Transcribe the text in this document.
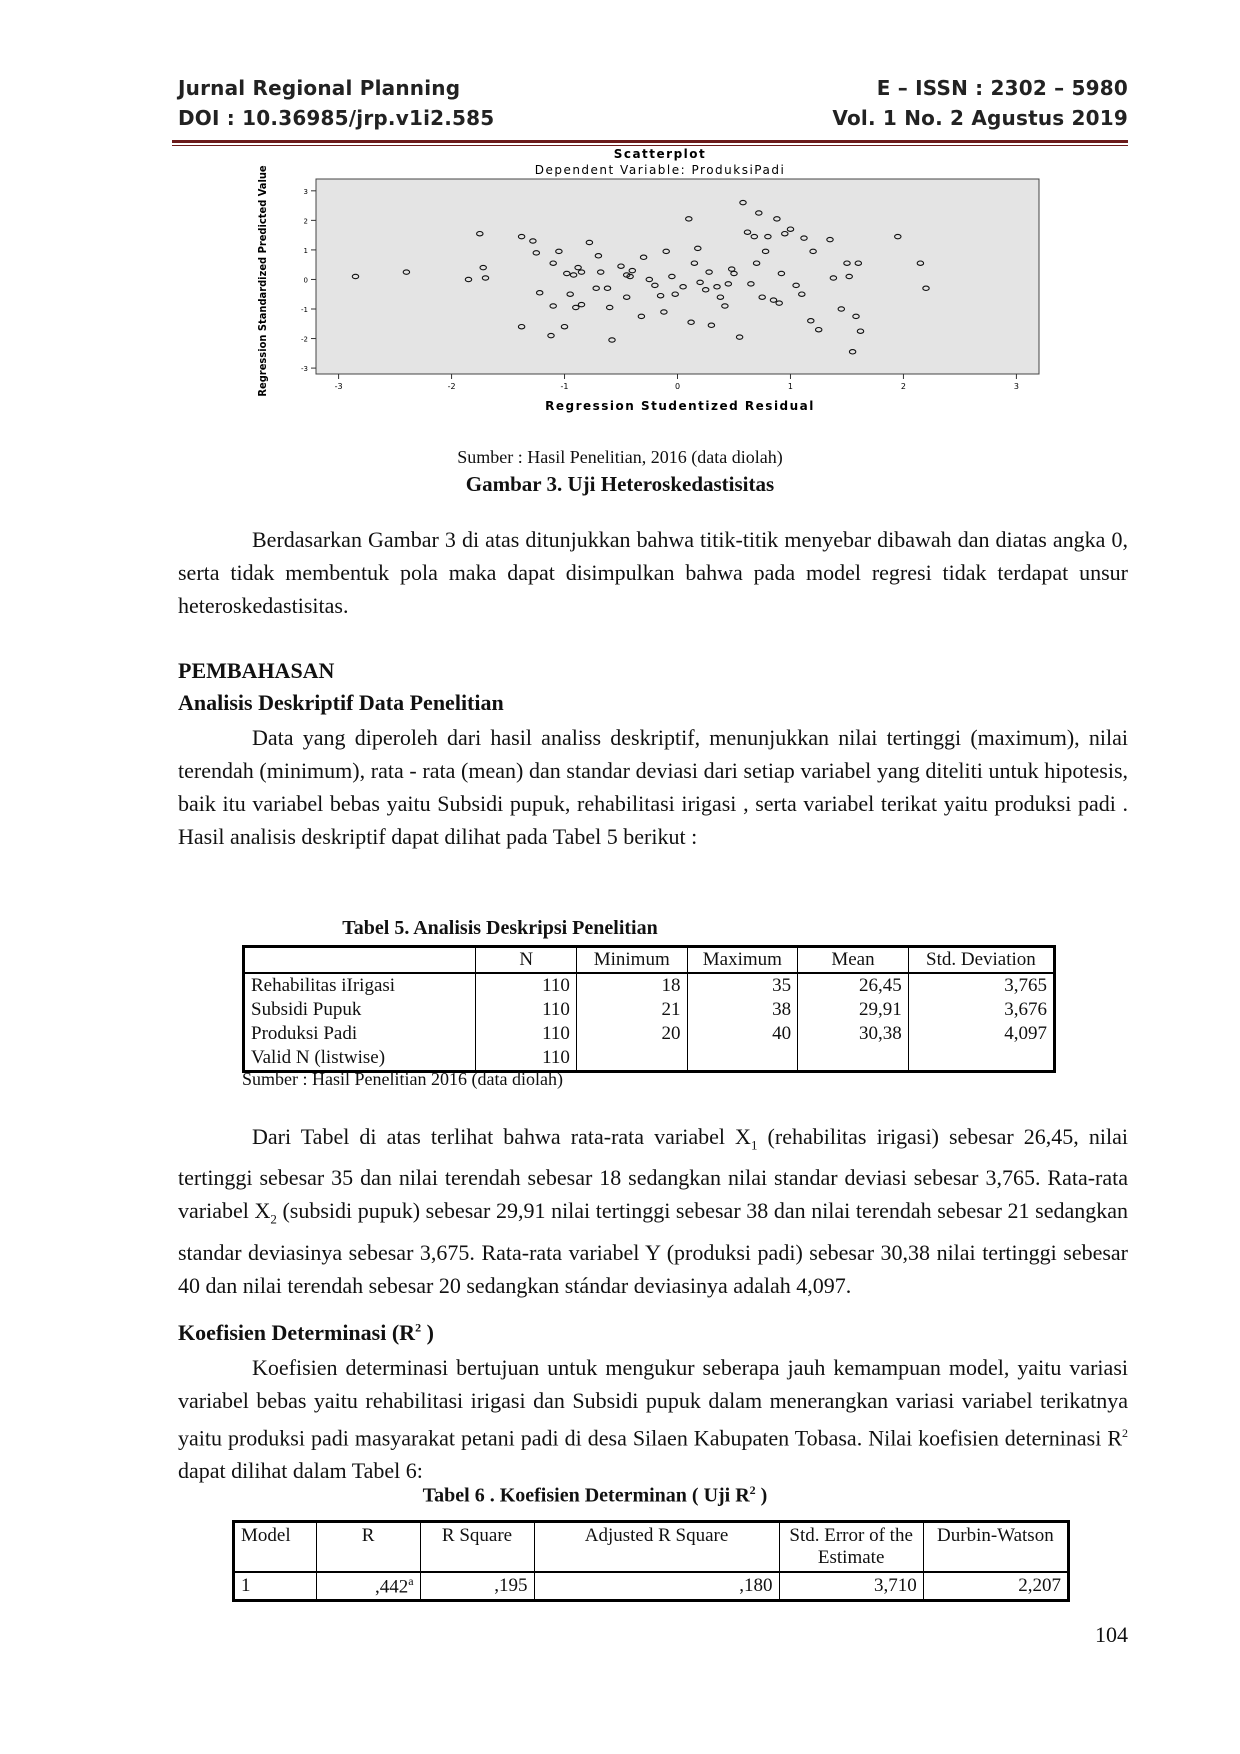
Jurnal Regional Planning
DOI : 10.36985/jrp.v1i2.585
E – ISSN : 2302 – 5980
Vol. 1 No. 2 Agustus 2019
Scatterplot
Dependent Variable: ProduksiPadi
Regression Standardized Predicted Value
Regression Studentized Residual
3
2
1
0
-1
-2
-3
-3	-2	-1	0	1	2	3
Sumber : Hasil Penelitian, 2016 (data diolah)
Gambar 3. Uji Heteroskedastisitas
Berdasarkan Gambar 3 di atas ditunjukkan bahwa titik-titik menyebar dibawah dan diatas angka 0, serta tidak membentuk pola maka dapat disimpulkan bahwa pada model regresi tidak terdapat unsur heteroskedastisitas.
PEMBAHASAN
Analisis Deskriptif Data Penelitian
Data yang diperoleh dari hasil analiss deskriptif, menunjukkan nilai tertinggi (maximum), nilai terendah (minimum), rata - rata (mean) dan standar deviasi dari setiap variabel yang diteliti untuk hipotesis, baik itu variabel bebas yaitu Subsidi pupuk, rehabilitasi irigasi , serta variabel terikat yaitu produksi padi . Hasil analisis deskriptif dapat dilihat pada Tabel 5 berikut :
Tabel 5. Analisis Deskripsi Penelitian
	N	Minimum	Maximum	Mean	Std. Deviation
Rehabilitas iIrigasi	110	18	35	26,45	3,765
Subsidi Pupuk	110	21	38	29,91	3,676
Produksi Padi	110	20	40	30,38	4,097
Valid N (listwise)	110				
Sumber : Hasil Penelitian 2016 (data diolah)
Dari Tabel di atas terlihat bahwa rata-rata variabel $X_1$ (rehabilitas irigasi) sebesar 26,45, nilai tertinggi sebesar 35 dan nilai terendah sebesar 18 sedangkan nilai standar deviasi sebesar 3,765. Rata-rata variabel $X_2$ (subsidi pupuk) sebesar 29,91 nilai tertinggi sebesar 38 dan nilai terendah sebesar 21 sedangkan standar deviasinya sebesar 3,675. Rata-rata variabel Y (produksi padi) sebesar 30,38 nilai tertinggi sebesar 40 dan nilai terendah sebesar 20 sedangkan stándar deviasinya adalah 4,097.
Koefisien Determinasi ($R^2$ )
Koefisien determinasi bertujuan untuk mengukur seberapa jauh kemampuan model, yaitu variasi variabel bebas yaitu rehabilitasi irigasi dan Subsidi pupuk dalam menerangkan variasi variabel terikatnya yaitu produksi padi masyarakat petani padi di desa Silaen Kabupaten Tobasa. Nilai koefisien deterninasi $R^2$ dapat dilihat dalam Tabel 6:
Tabel 6 . Koefisien Determinan ( Uji $R^2$ )
Model	R	R Square	Adjusted R Square	Std. Error of the Estimate	Durbin-Watson
1	,442$^a$	,195	,180	3,710	2,207
104
